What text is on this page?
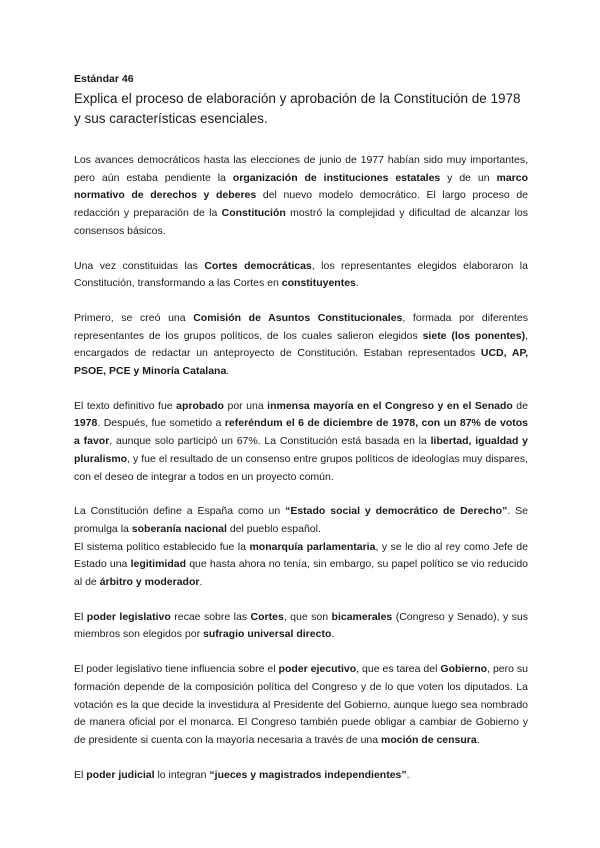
Estándar 46
Explica el proceso de elaboración y aprobación de la Constitución de 1978 y sus características esenciales.

Los avances democráticos hasta las elecciones de junio de 1977 habían sido muy importantes, pero aún estaba pendiente la organización de instituciones estatales y de un marco normativo de derechos y deberes del nuevo modelo democrático. El largo proceso de redacción y preparación de la Constitución mostró la complejidad y dificultad de alcanzar los consensos básicos.

Una vez constituidas las Cortes democráticas, los representantes elegidos elaboraron la Constitución, transformando a las Cortes en constituyentes.

Primero, se creó una Comisión de Asuntos Constitucionales, formada por diferentes representantes de los grupos políticos, de los cuales salieron elegidos siete (los ponentes), encargados de redactar un anteproyecto de Constitución. Estaban representados UCD, AP, PSOE, PCE y Minoría Catalana.

El texto definitivo fue aprobado por una inmensa mayoría en el Congreso y en el Senado de 1978. Después, fue sometido a referéndum el 6 de diciembre de 1978, con un 87% de votos a favor, aunque solo participó un 67%. La Constitución está basada en la libertad, igualdad y pluralismo, y fue el resultado de un consenso entre grupos políticos de ideologías muy dispares, con el deseo de integrar a todos en un proyecto común.

La Constitución define a España como un “Estado social y democrático de Derecho”. Se promulga la soberanía nacional del pueblo español.
El sistema político establecido fue la monarquía parlamentaria, y se le dio al rey como Jefe de Estado una legitimidad que hasta ahora no tenía, sin embargo, su papel político se vio reducido al de árbitro y moderador.

El poder legislativo recae sobre las Cortes, que son bicamerales (Congreso y Senado), y sus miembros son elegidos por sufragio universal directo.

El poder legislativo tiene influencia sobre el poder ejecutivo, que es tarea del Gobierno, pero su formación depende de la composición política del Congreso y de lo que voten los diputados. La votación es la que decide la investidura al Presidente del Gobierno, aunque luego sea nombrado de manera oficial por el monarca. El Congreso también puede obligar a cambiar de Gobierno y de presidente si cuenta con la mayoría necesaria a través de una moción de censura.

El poder judicial lo integran “jueces y magistrados independientes”.
